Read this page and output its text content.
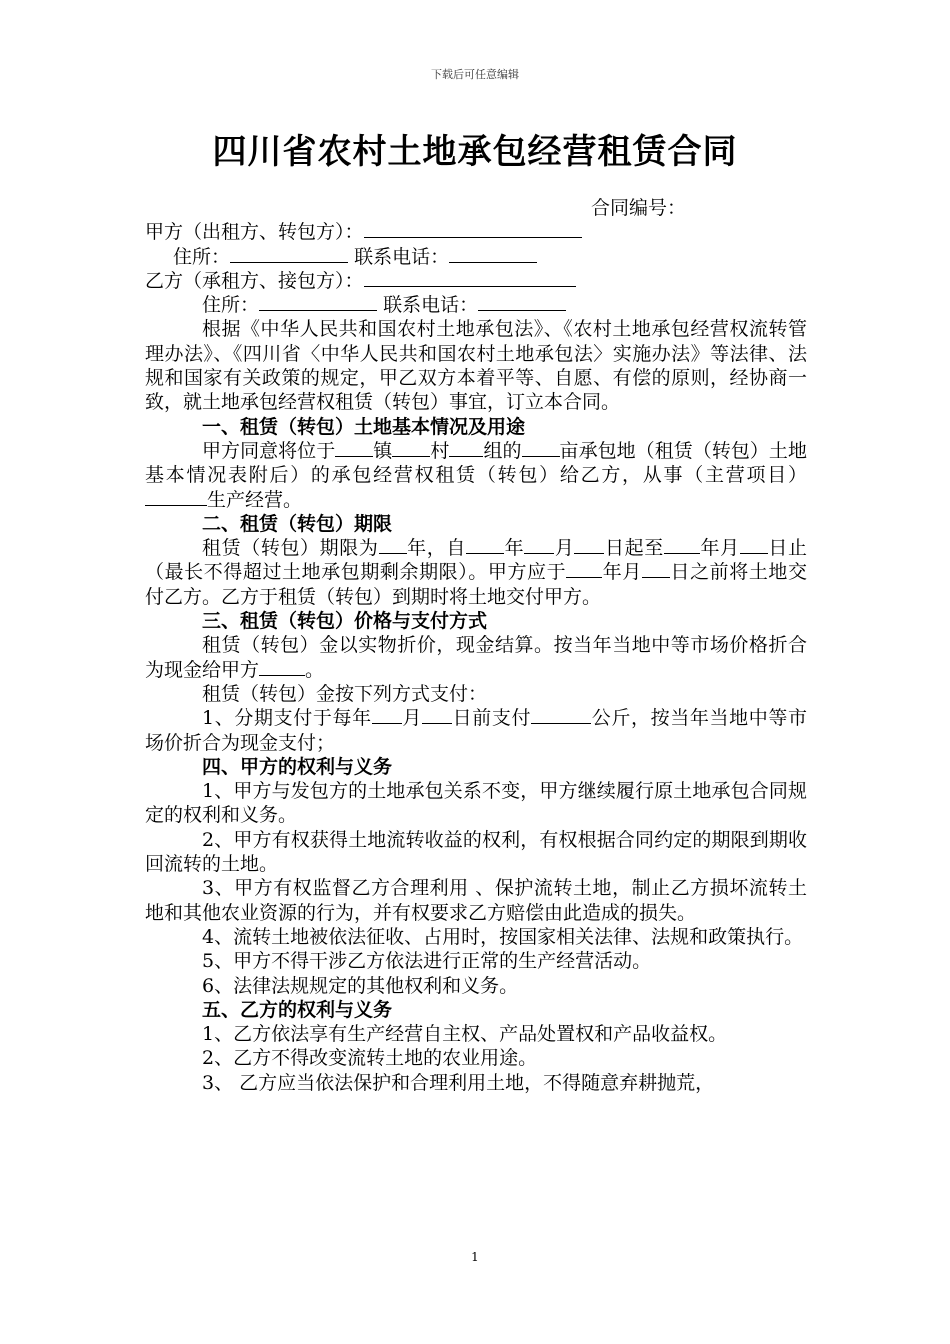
下载后可任意编辑
四川省农村土地承包经营租赁合同
合同编号：
甲方（出租方、转包方）：
住所：	联系电话：
乙方（承租方、接包方）：
住所：	联系电话：
根据《中华人民共和国农村土地承包法》、《农村土地承包经营权流转管理办法》、《四川省〈中华人民共和国农村土地承包法〉实施办法》等法律、法规和国家有关政策的规定，甲乙双方本着平等、自愿、有偿的原则，经协商一致，就土地承包经营权租赁（转包）事宜，订立本合同。
一、租赁（转包）土地基本情况及用途
甲方同意将位于 镇 村 组的 亩承包地（租赁（转包）土地基本情况表附后）的承包经营权租赁（转包）给乙方，从事（主营项目）生产经营。
二、租赁（转包）期限
租赁（转包）期限为 年，自 年 月 日起至 年月 日止（最长不得超过土地承包期剩余期限）。甲方应于 年月 日之前将土地交付乙方。乙方于租赁（转包）到期时将土地交付甲方。
三、租赁（转包）价格与支付方式
租赁（转包）金以实物折价，现金结算。按当年当地中等市场价格折合为现金给甲方 。
租赁（转包）金按下列方式支付：
1、分期支付于每年 月 日前支付	公斤，按当年当地中等市场价折合为现金支付；
四、甲方的权利与义务
1、甲方与发包方的土地承包关系不变，甲方继续履行原土地承包合同规定的权利和义务。
2、甲方有权获得土地流转收益的权利，有权根据合同约定的期限到期收回流转的土地。
3、甲方有权监督乙方合理利用 、保护流转土地，制止乙方损坏流转土地和其他农业资源的行为，并有权要求乙方赔偿由此造成的损失。
4、流转土地被依法征收、占用时，按国家相关法律、法规和政策执行。
5、甲方不得干涉乙方依法进行正常的生产经营活动。
6、法律法规规定的其他权利和义务。
五、乙方的权利与义务
1、乙方依法享有生产经营自主权、产品处置权和产品收益权。
2、乙方不得改变流转土地的农业用途。
3、 乙方应当依法保护和合理利用土地，不得随意弃耕抛荒，
1
